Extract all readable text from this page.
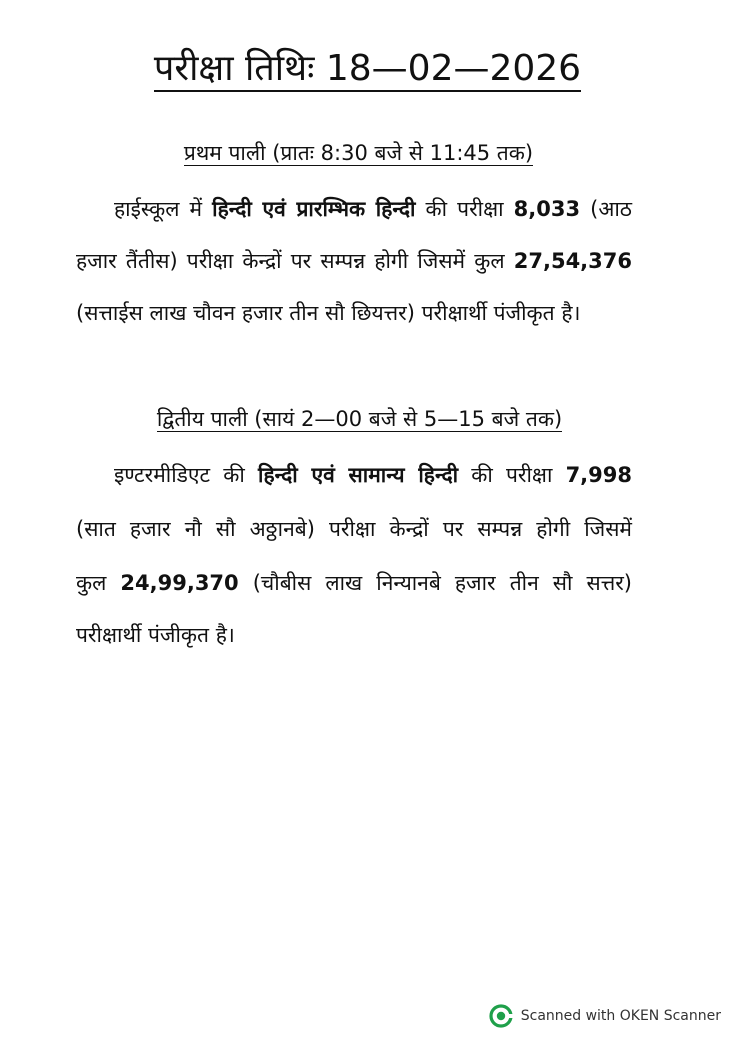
परीक्षा तिथिः 18—02—2026
प्रथम पाली (प्रातः 8:30 बजे से 11:45 तक)
हाईस्कूल में हिन्दी एवं प्रारम्भिक हिन्दी की परीक्षा 8,033 (आठ
हजार तैंतीस) परीक्षा केन्द्रों पर सम्पन्न होगी जिसमें कुल 27,54,376
(सत्ताईस लाख चौवन हजार तीन सौ छियत्तर) परीक्षार्थी पंजीकृत है।
द्वितीय पाली (सायं 2—00 बजे से 5—15 बजे तक)
इण्टरमीडिएट की हिन्दी एवं सामान्य हिन्दी की परीक्षा 7,998
(सात हजार नौ सौ अठ्ठानबे) परीक्षा केन्द्रों पर सम्पन्न होगी जिसमें
कुल 24,99,370 (चौबीस लाख निन्यानबे हजार तीन सौ सत्तर)
परीक्षार्थी पंजीकृत है।
Scanned with OKEN Scanner
